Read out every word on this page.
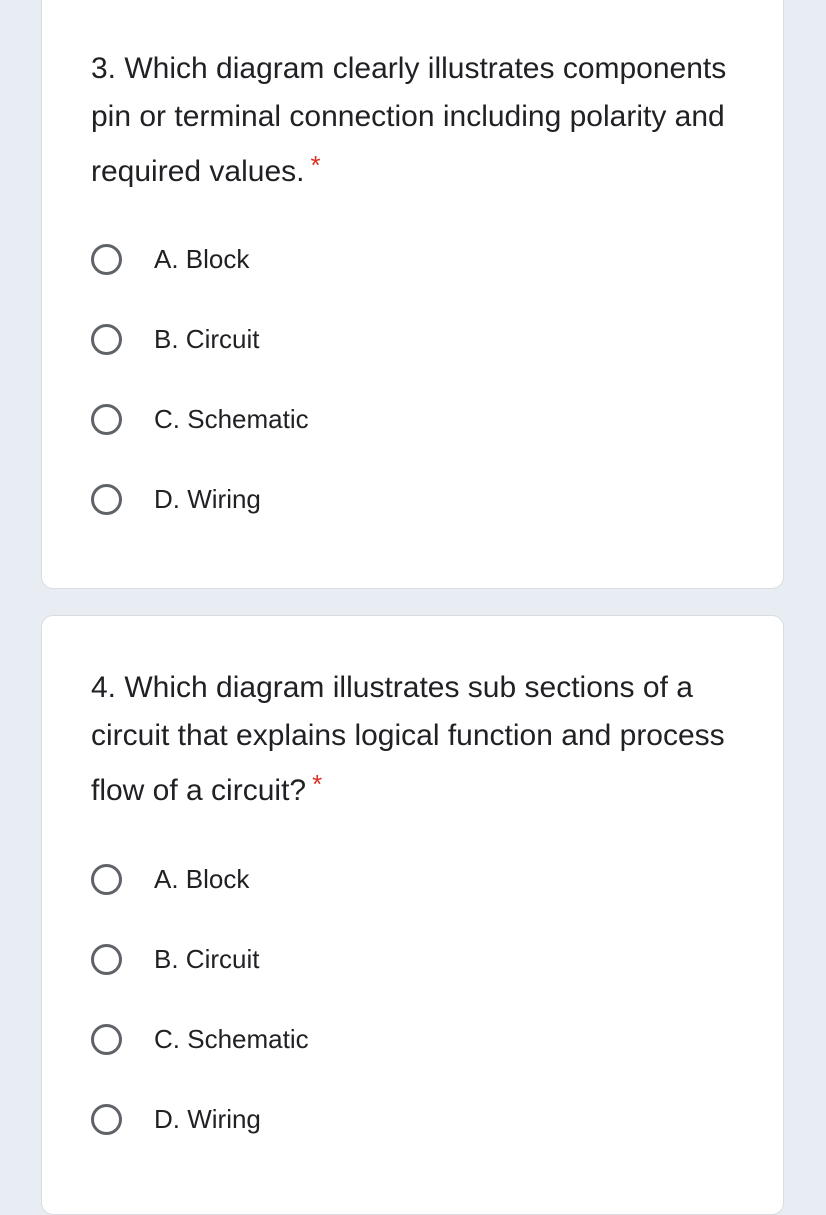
3. Which diagram clearly illustrates components pin or terminal connection including polarity and required values. *
A. Block
B. Circuit
C. Schematic
D. Wiring
4. Which diagram illustrates sub sections of a circuit that explains logical function and process flow of a circuit? *
A. Block
B. Circuit
C. Schematic
D. Wiring
